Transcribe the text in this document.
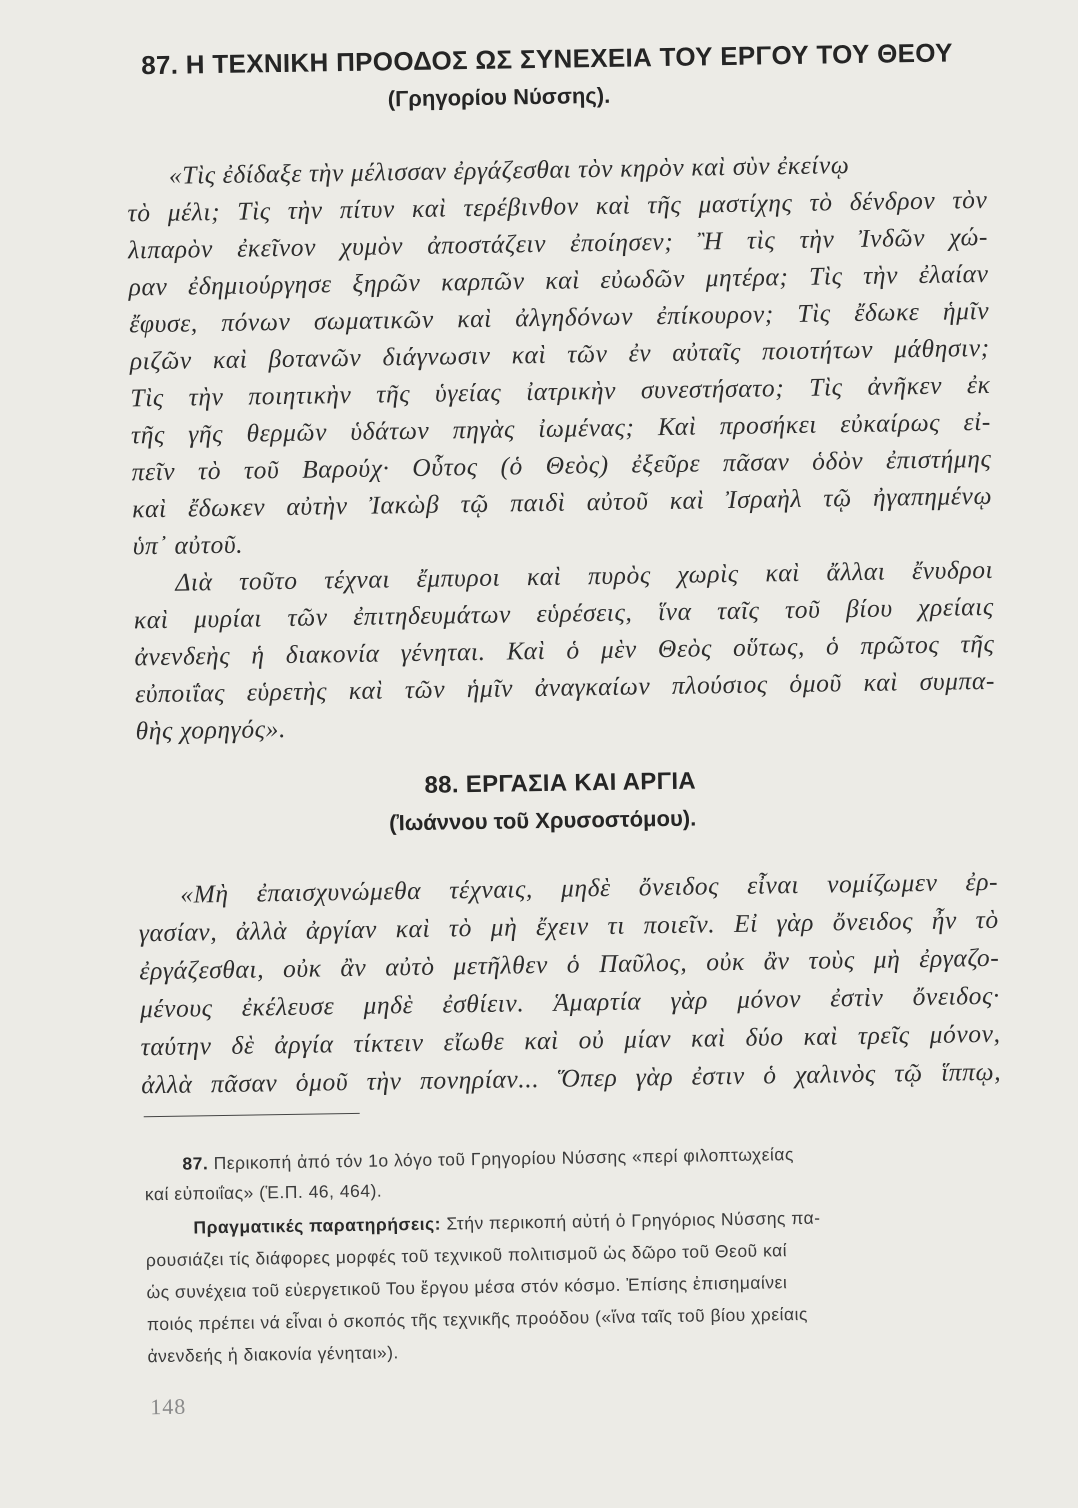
87. Η ΤΕΧΝΙΚΗ ΠΡΟΟΔΟΣ ΩΣ ΣΥΝΕΧΕΙΑ ΤΟΥ ΕΡΓΟΥ ΤΟΥ ΘΕΟΥ
(Γρηγορίου Νύσσης).
«Τὶς ἐδίδαξε τὴν μέλισσαν ἐργάζεσθαι τὸν κηρὸν καὶ σὺν ἐκείνῳ
τὸ μέλι; Τὶς τὴν πίτυν καὶ τερέβινθον καὶ τῆς μαστίχης τὸ δένδρον τὸν
λιπαρὸν ἐκεῖνον χυμὸν ἀποστάζειν ἐποίησεν; Ἢ τὶς τὴν Ἰνδῶν χώ-
ραν ἐδημιούργησε ξηρῶν καρπῶν καὶ εὐωδῶν μητέρα; Τὶς τὴν ἐλαίαν
ἔφυσε, πόνων σωματικῶν καὶ ἀλγηδόνων ἐπίκουρον; Τὶς ἔδωκε ἡμῖν
ριζῶν καὶ βοτανῶν διάγνωσιν καὶ τῶν ἐν αὐταῖς ποιοτήτων μάθησιν;
Τὶς τὴν ποιητικὴν τῆς ὑγείας ἰατρικὴν συνεστήσατο; Τὶς ἀνῆκεν ἐκ
τῆς γῆς θερμῶν ὑδάτων πηγὰς ἰωμένας; Καὶ προσήκει εὐκαίρως εἰ-
πεῖν τὸ τοῦ Βαρούχ· Οὗτος (ὁ Θεὸς) ἐξεῦρε πᾶσαν ὁδὸν ἐπιστήμης
καὶ ἔδωκεν αὐτὴν Ἰακὼβ τῷ παιδὶ αὐτοῦ καὶ Ἰσραὴλ τῷ ἠγαπημένῳ
ὑπ᾿ αὐτοῦ.
Διὰ τοῦτο τέχναι ἔμπυροι καὶ πυρὸς χωρὶς καὶ ἄλλαι ἔνυδροι
καὶ μυρίαι τῶν ἐπιτηδευμάτων εὑρέσεις, ἵνα ταῖς τοῦ βίου χρείαις
ἀνενδεὴς ἡ διακονία γένηται. Καὶ ὁ μὲν Θεὸς οὕτως, ὁ πρῶτος τῆς
εὐποιΐας εὑρετὴς καὶ τῶν ἡμῖν ἀναγκαίων πλούσιος ὁμοῦ καὶ συμπα-
θὴς χορηγός».
88. ΕΡΓΑΣΙΑ ΚΑΙ ΑΡΓΙΑ
(Ἰωάννου τοῦ Χρυσοστόμου).
«Μὴ ἐπαισχυνώμεθα τέχναις, μηδὲ ὄνειδος εἶναι νομίζωμεν ἐρ-
γασίαν, ἀλλὰ ἀργίαν καὶ τὸ μὴ ἔχειν τι ποιεῖν. Εἰ γὰρ ὄνειδος ἦν τὸ
ἐργάζεσθαι, οὐκ ἂν αὐτὸ μετῆλθεν ὁ Παῦλος, οὐκ ἂν τοὺς μὴ ἐργαζο-
μένους ἐκέλευσε μηδὲ ἐσθίειν. Ἁμαρτία γὰρ μόνον ἐστὶν ὄνειδος·
ταύτην δὲ ἀργία τίκτειν εἴωθε καὶ οὐ μίαν καὶ δύο καὶ τρεῖς μόνον,
ἀλλὰ πᾶσαν ὁμοῦ τὴν πονηρίαν... Ὅπερ γὰρ ἐστιν ὁ χαλινὸς τῷ ἵππῳ,
87. Περικοπή ἀπό τόν 1ο λόγο τοῦ Γρηγορίου Νύσσης «περί φιλοπτωχείας
καί εὐποιΐας» (Ἑ.Π. 46, 464).
Πραγματικές παρατηρήσεις: Στήν περικοπή αὐτή ὁ Γρηγόριος Νύσσης πα-
ρουσιάζει τίς διάφορες μορφές τοῦ τεχνικοῦ πολιτισμοῦ ὡς δῶρο τοῦ Θεοῦ καί
ὡς συνέχεια τοῦ εὐεργετικοῦ Του ἔργου μέσα στόν κόσμο. Ἐπίσης ἐπισημαίνει
ποιός πρέπει νά εἶναι ὁ σκοπός τῆς τεχνικῆς προόδου («ἵνα ταῖς τοῦ βίου χρείαις
ἀνενδεής ἡ διακονία γένηται»).
148
